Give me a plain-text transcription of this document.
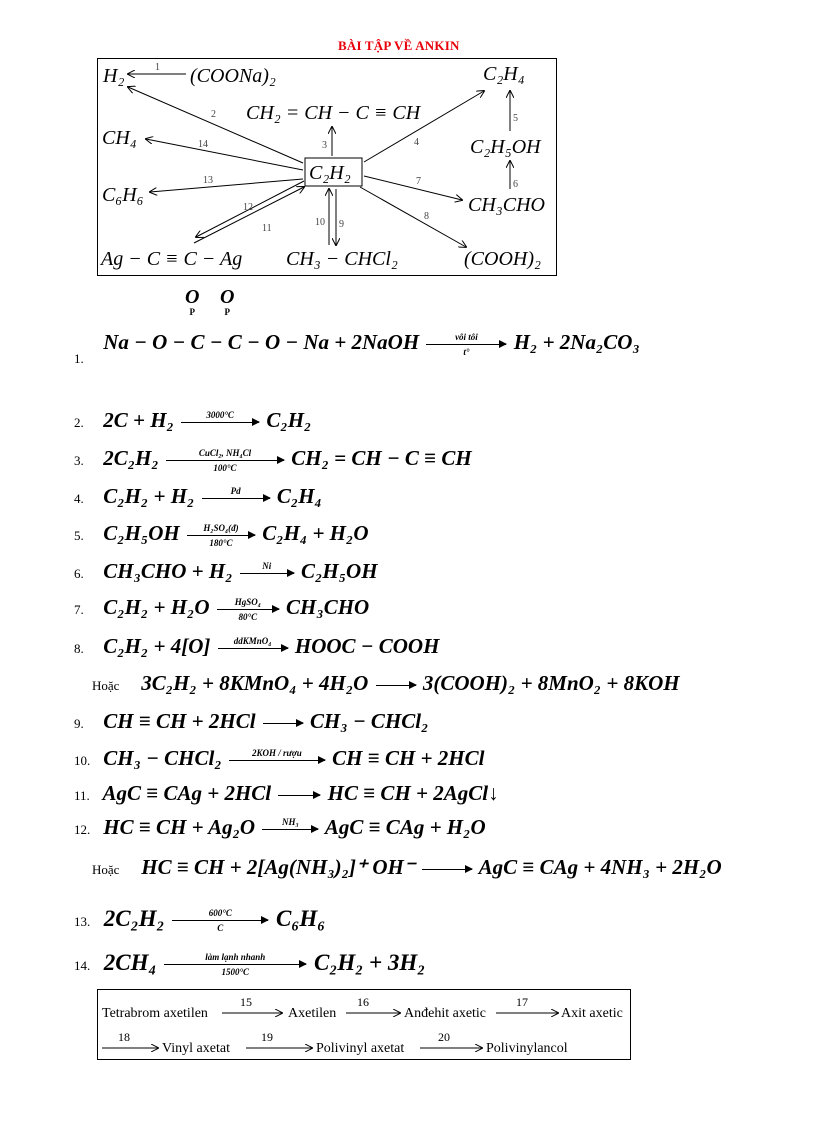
BÀI TẬP VỀ ANKIN
H₂	(COONa)₂	C₂H₄
CH₂ = CH − C ≡ CH
CH₄	C₂H₅OH
C₂H₂
C₆H₆	CH₃CHO
Ag − C ≡ C − Ag CH₃ − CHCl₂	(COOH)₂
1
2
3	4
5
6
7
8
9
10
11
12
13
14
O
P
O
P
1. Na − O − C − C − O − Na + 2NaOH	vôi tôi
t°	H₂ + 2Na₂CO₃
2. 2C + H₂	3000°C	C₂H₂
3. 2C₂H₂	CuCl₂, NH₄Cl
100°C	CH₂ = CH − C ≡ CH
4. C₂H₂ + H₂	Pd	C₂H₄
5. $C_2H_5OH \frac{\text{H₂SO₄(đ)}}{180^\circ C} C_2H_4 + H_2O$
6. CH₃CHO + H₂	Ni	C₂H₅OH
7. C₂H₂ + H₂O	HgSO₄
80°C	CH₃CHO
8. C₂H₂ + 4[O]	ddKMnO₄	HOOC − COOH
Hoặc 3C₂H₂ + 8KMnO₄ + 4H₂O → 3(COOH)₂ + 8MnO₂ + 8KOH
9. CH ≡ CH + 2HCl → CH₃ − CHCl₂
10. CH₃ − CHCl₂	2KOH / rượu	CH ≡ CH + 2HCl
11. AgC ≡ CAg + 2HCl → HC ≡ CH + 2AgCl↓
12. HC ≡ CH + Ag₂O	NH₃	AgC ≡ CAg + H₂O
Hoặc HC ≡ CH + 2[Ag(NH₃)₂]⁺ OH⁻ → AgC ≡ CAg + 4NH₃ + 2H₂O
13. $2C_2H_2 \frac{600^\circ C}{C} C_6H_6$
14. 2CH₄	làm lạnh nhanh
1500°C	C₂H₂ + 3H₂
Tetrabrom axetilen
15
Axetilen
16
Anđehit axetic
17
Axit axetic
18
Vinyl axetat
19
Polivinyl axetat
20
Polivinylancol
